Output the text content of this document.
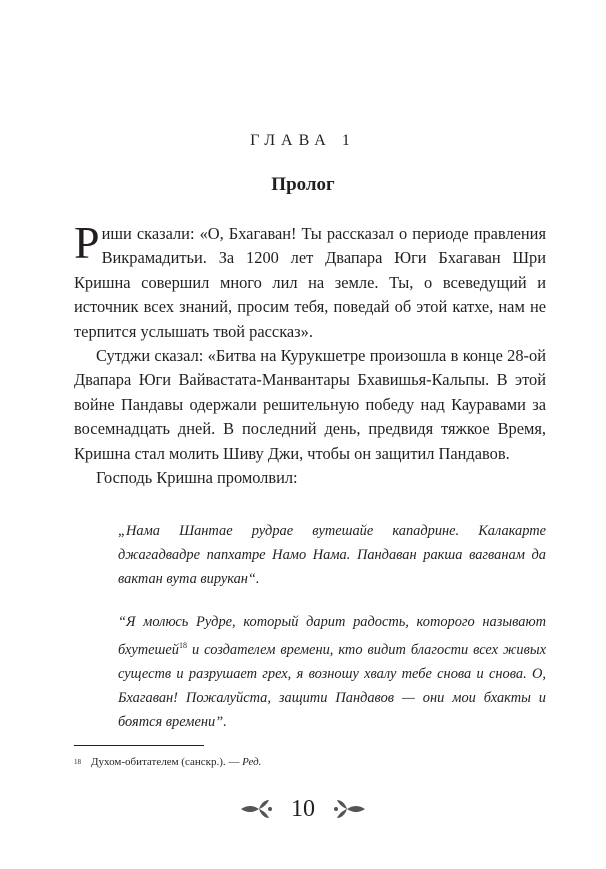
ГЛАВА 1
Пролог
Риши сказали: «О, Бхагаван! Ты рассказал о периоде правления Викрамадитьи. За 1200 лет Двапара Юги Бхагаван Шри Кришна совершил много лил на земле. Ты, о всеведущий и источник всех знаний, просим тебя, поведай об этой катхе, нам не терпится услышать твой рассказ».
Сутджи сказал: «Битва на Курукшетре произошла в конце 28-ой Двапара Юги Вайвастата-Манвантары Бхавишья-Кальпы. В этой войне Пандавы одержали решительную победу над Кауравами за восемнадцать дней. В последний день, предвидя тяжкое Время, Кришна стал молить Шиву Джи, чтобы он защитил Пандавов.
Господь Кришна промолвил:
„Нама Шантае рудрае вутешайе кападрине. Калакарте джагадвадре папхатре Намо Нама. Пандаван ракша вагванам да вактан вута вирукан“.
“Я молюсь Рудре, который дарит радость, которого называют бхутешей$^{18}$ и создателем времени, кто видит благости всех живых существ и разрушает грех, я возношу хвалу тебе снова и снова. О, Бхагаван! Пожалуйста, защити Пандавов — они мои бхакты и боятся времени”.
$^{18}$ Духом-обитателем (санскр.). — Ред.
10
